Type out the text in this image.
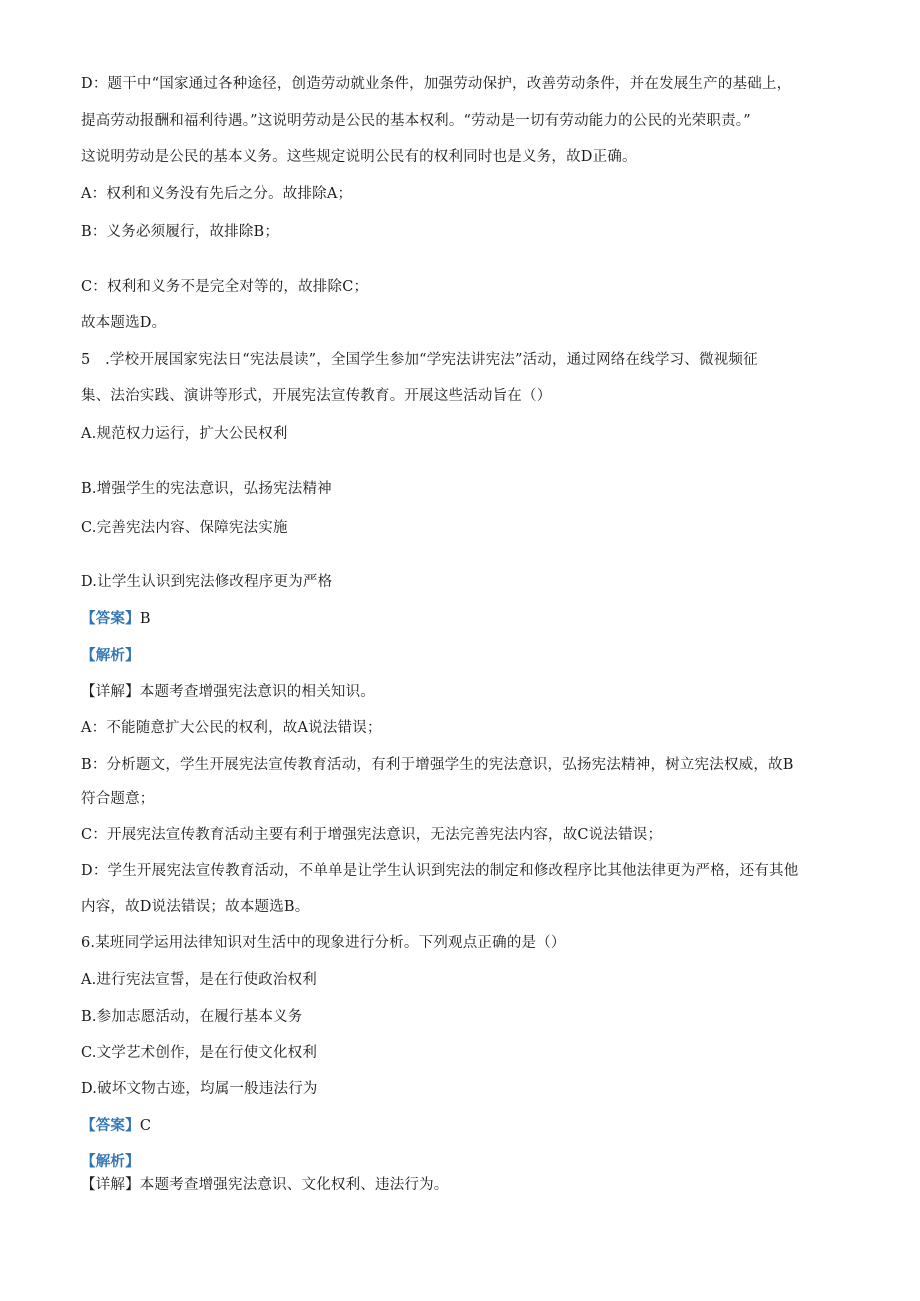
D：题干中“国家通过各种途径，创造劳动就业条件，加强劳动保护，改善劳动条件，并在发展生产的基础上，
提高劳动报酬和福利待遇。”这说明劳动是公民的基本权利。“劳动是一切有劳动能力的公民的光荣职责。”
这说明劳动是公民的基本义务。这些规定说明公民有的权利同时也是义务，故D正确。
A：权利和义务没有先后之分。故排除A；
B：义务必须履行，故排除B；
C：权利和义务不是完全对等的，故排除C；
故本题选D。
5　.学校开展国家宪法日“宪法晨读”，全国学生参加“学宪法讲宪法”活动，通过网络在线学习、微视频征
集、法治实践、演讲等形式，开展宪法宣传教育。开展这些活动旨在（）
A.规范权力运行，扩大公民权利
B.增强学生的宪法意识，弘扬宪法精神
C.完善宪法内容、保障宪法实施
D.让学生认识到宪法修改程序更为严格
【答案】B
【解析】
【详解】本题考查增强宪法意识的相关知识。
A：不能随意扩大公民的权利，故A说法错误；
B：分析题文，学生开展宪法宣传教育活动，有利于增强学生的宪法意识，弘扬宪法精神，树立宪法权威，故B
符合题意；
C：开展宪法宣传教育活动主要有利于增强宪法意识，无法完善宪法内容，故C说法错误；
D：学生开展宪法宣传教育活动，不单单是让学生认识到宪法的制定和修改程序比其他法律更为严格，还有其他
内容，故D说法错误；故本题选B。
6.某班同学运用法律知识对生活中的现象进行分析。下列观点正确的是（）
A.进行宪法宣誓，是在行使政治权利
B.参加志愿活动，在履行基本义务
C.文学艺术创作，是在行使文化权利
D.破坏文物古迹，均属一般违法行为
【答案】C
【解析】
【详解】本题考查增强宪法意识、文化权利、违法行为。
